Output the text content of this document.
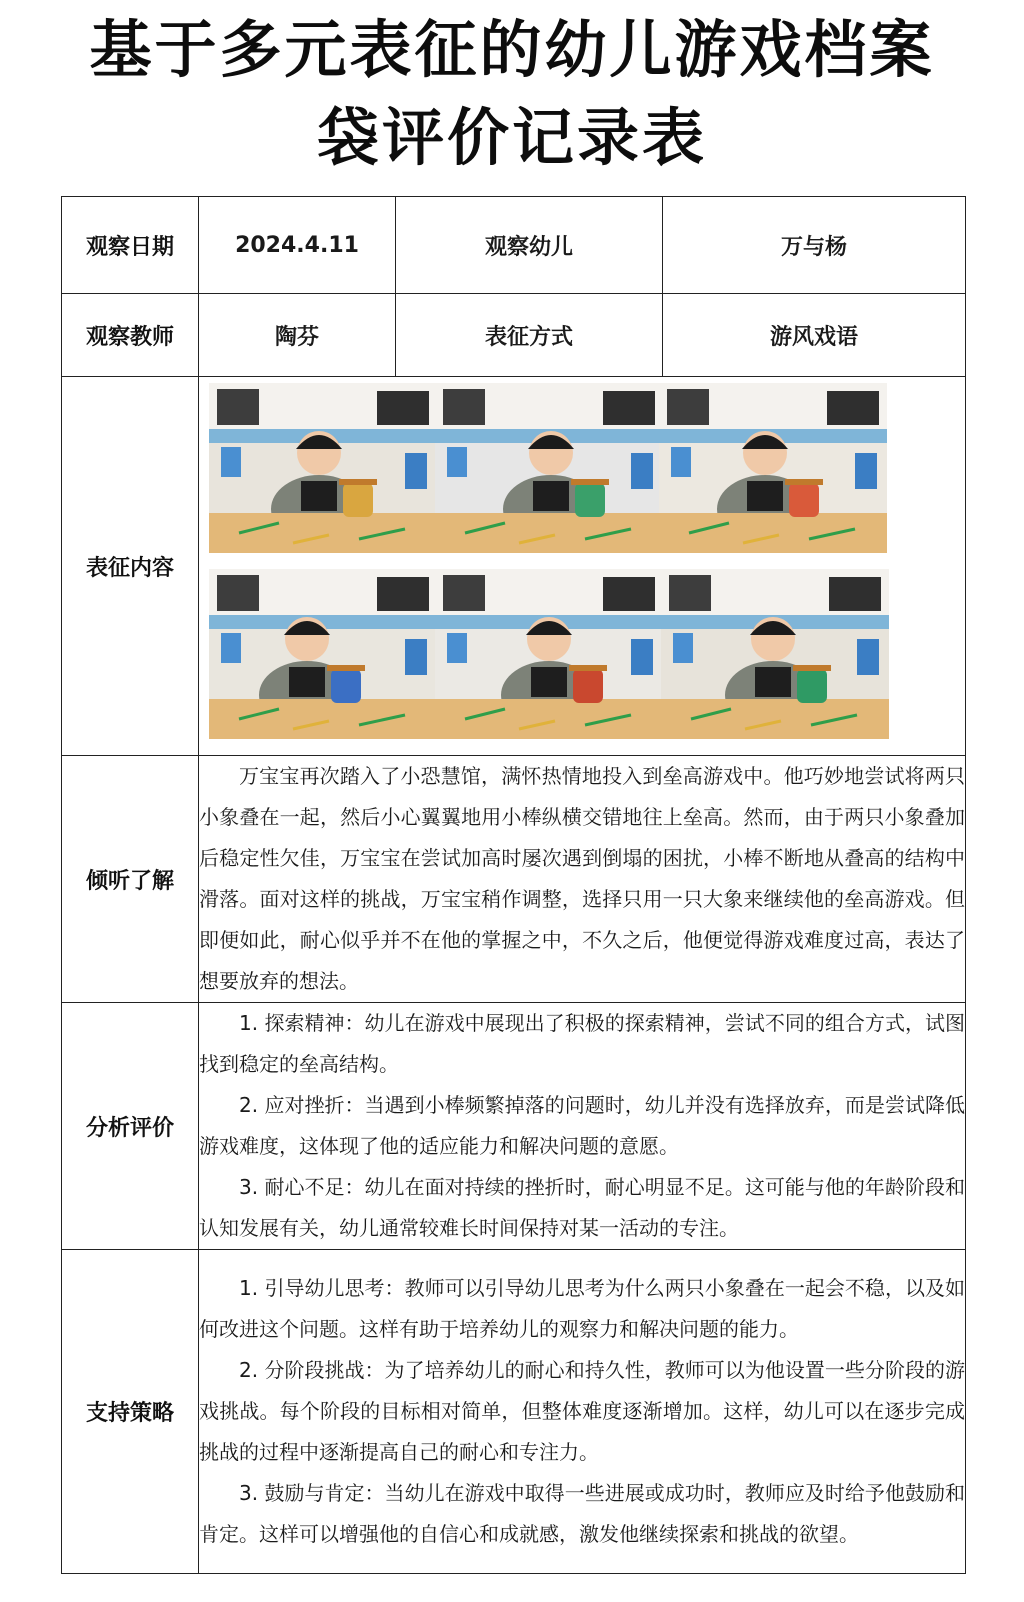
基于多元表征的幼儿游戏档案
袋评价记录表
观察日期	2024.4.11	观察幼儿	万与杨
观察教师	陶芬	表征方式	游风戏语
表征内容	

倾听了解	万宝宝再次踏入了小恐慧馆，满怀热情地投入到垒高游戏中。他巧妙地尝试将两只小象叠在一起，然后小心翼翼地用小棒纵横交错地往上垒高。然而，由于两只小象叠加后稳定性欠佳，万宝宝在尝试加高时屡次遇到倒塌的困扰，小棒不断地从叠高的结构中滑落。面对这样的挑战，万宝宝稍作调整，选择只用一只大象来继续他的垒高游戏。但即便如此，耐心似乎并不在他的掌握之中，不久之后，他便觉得游戏难度过高，表达了想要放弃的想法。		

分析评价	1. 探索精神：幼儿在游戏中展现出了积极的探索精神，尝试不同的组合方式，试图找到稳定的垒高结构。

2. 应对挫折：当遇到小棒频繁掉落的问题时，幼儿并没有选择放弃，而是尝试降低游戏难度，这体现了他的适应能力和解决问题的意愿。

3. 耐心不足：幼儿在面对持续的挫折时，耐心明显不足。这可能与他的年龄阶段和认知发展有关，幼儿通常较难长时间保持对某一活动的专注。		

支持策略	1. 引导幼儿思考：教师可以引导幼儿思考为什么两只小象叠在一起会不稳，以及如何改进这个问题。这样有助于培养幼儿的观察力和解决问题的能力。

2. 分阶段挑战：为了培养幼儿的耐心和持久性，教师可以为他设置一些分阶段的游戏挑战。每个阶段的目标相对简单，但整体难度逐渐增加。这样，幼儿可以在逐步完成挑战的过程中逐渐提高自己的耐心和专注力。

3. 鼓励与肯定：当幼儿在游戏中取得一些进展或成功时，教师应及时给予他鼓励和肯定。这样可以增强他的自信心和成就感，激发他继续探索和挑战的欲望。		
